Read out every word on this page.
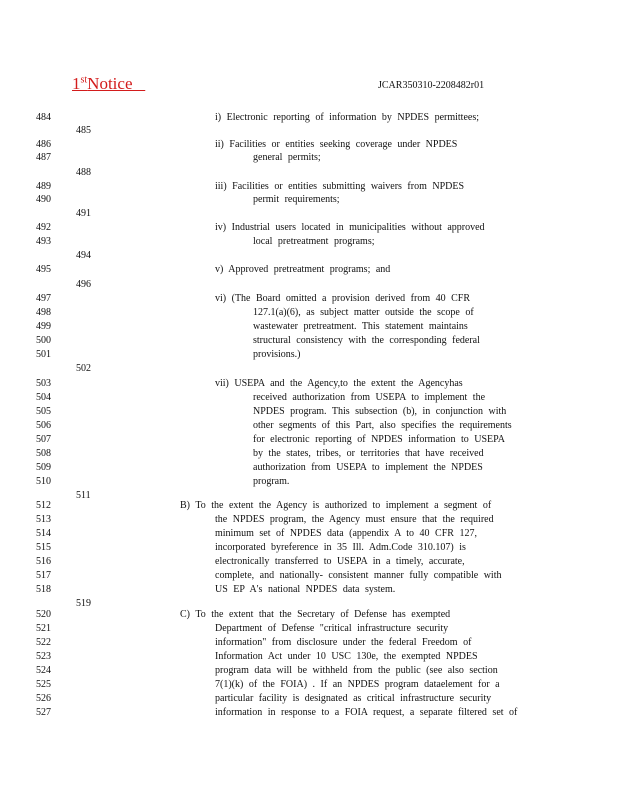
1stNotice	JCAR350310-2208482r01
484	i) Electronic reporting of information by NPDES permittees;
485
486	ii) Facilities or entities seeking coverage under NPDES
487	general permits;
488
489	iii) Facilities or entities submitting waivers from NPDES
490	permit requirements;
491
492	iv) Industrial users located in municipalities without approved
493	local pretreatment programs;
494
495	v) Approved pretreatment programs; and
496
497	vi) (The Board omitted a provision derived from 40 CFR
498	127.1(a)(6), as subject matter outside the scope of
499	wastewater pretreatment. This statement maintains
500	structural consistency with the corresponding federal
501	provisions.)
502
503	vii) USEPA and the Agency,to the extent the Agencyhas
504	received authorization from USEPA to implement the
505	NPDES program. This subsection (b), in conjunction with
506	other segments of this Part, also specifies the requirements
507	for electronic reporting of NPDES information to USEPA
508	by the states, tribes, or territories that have received
509	authorization from USEPA to implement the NPDES
510	program.
511
512	B) To the extent the Agency is authorized to implement a segment of
513	the NPDES program, the Agency must ensure that the required
514	minimum set of NPDES data (appendix A to 40 CFR 127,
515	incorporated byreference in 35 Ill. Adm.Code 310.107) is
516	electronically transferred to USEPA in a timely, accurate,
517	complete, and nationally- consistent manner fully compatible with
518	US EP A's national NPDES data system.
519
520	C) To the extent that the Secretary of Defense has exempted
521	Department of Defense "critical infrastructure security
522	information" from disclosure under the federal Freedom of
523	Information Act under 10 USC 130e, the exempted NPDES
524	program data will be withheld from the public (see also section
525	7(1)(k) of the FOIA) . If an NPDES program dataelement for a
526	particular facility is designated as critical infrastructure security
527	information in response to a FOIA request, a separate filtered set of
